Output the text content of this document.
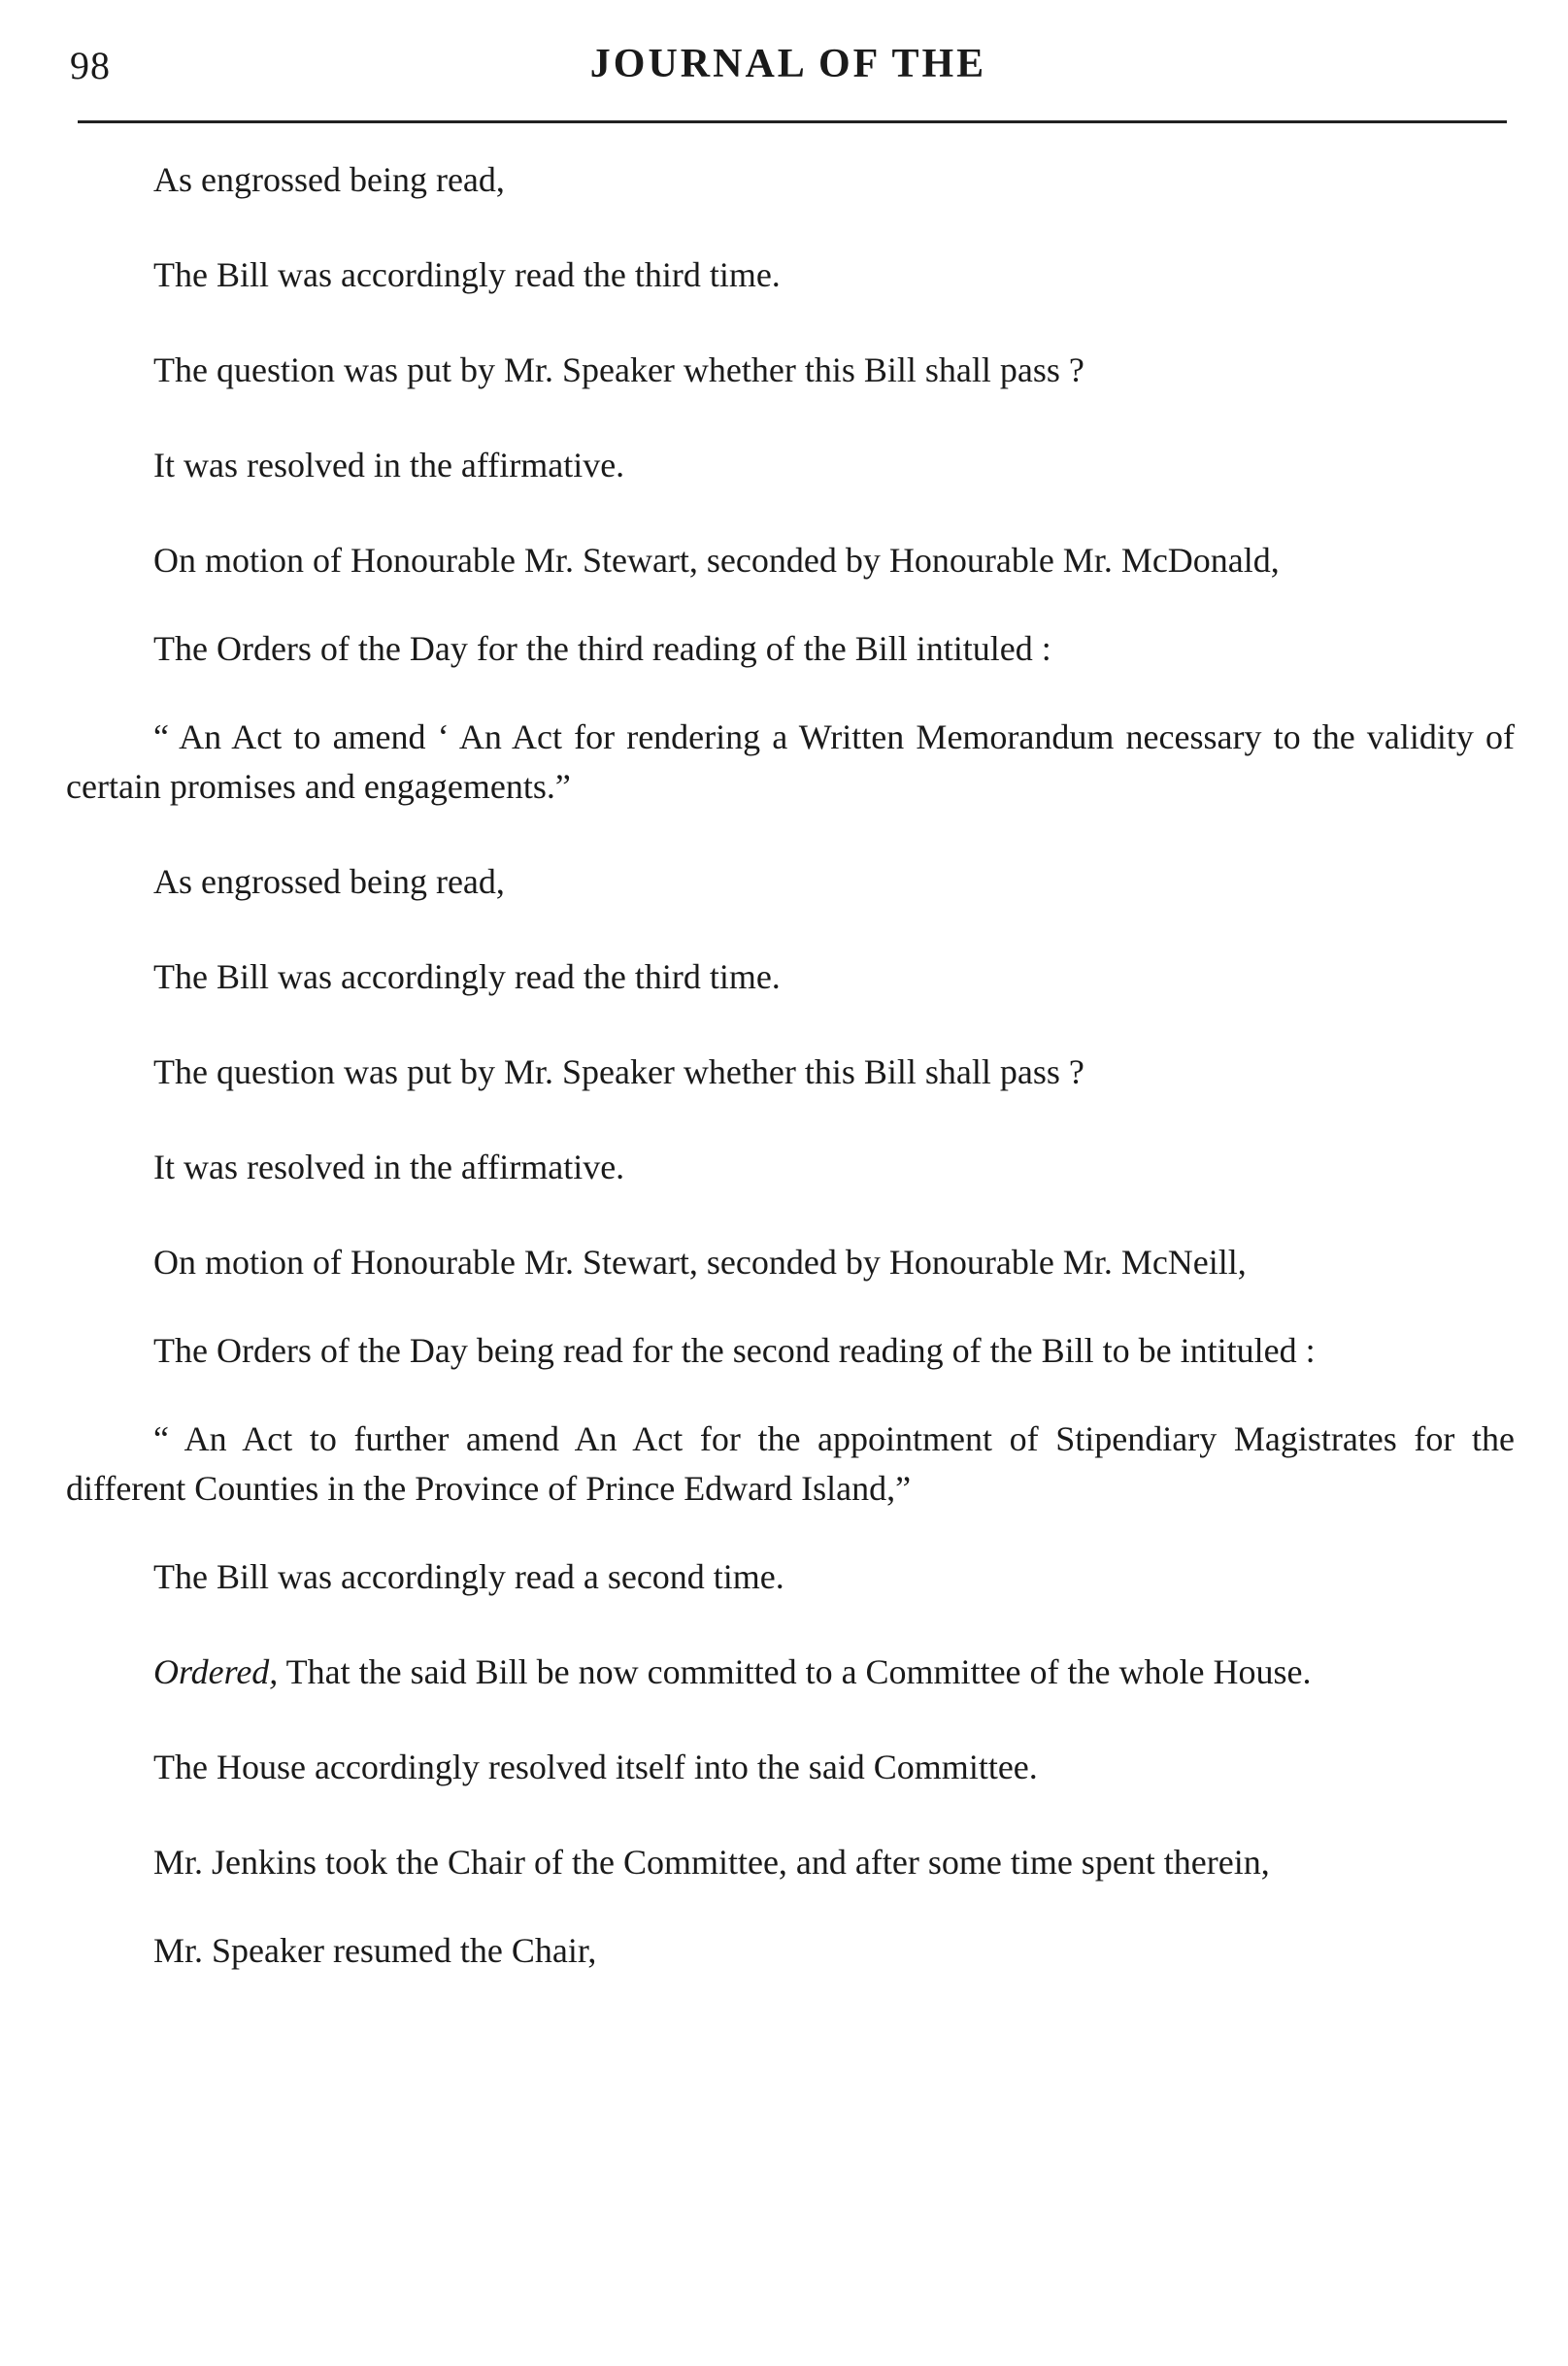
98	JOURNAL OF THE

As engrossed being read,

The Bill was accordingly read the third time.

The question was put by Mr. Speaker whether this Bill shall pass ?

It was resolved in the affirmative.

On motion of Honourable Mr. Stewart, seconded by Honourable Mr. McDonald,

The Orders of the Day for the third reading of the Bill intituled :

“ An Act to amend ‘ An Act for rendering a Written Memorandum necessary to the validity of certain promises and engagements.”

As engrossed being read,

The Bill was accordingly read the third time.

The question was put by Mr. Speaker whether this Bill shall pass ?

It was resolved in the affirmative.

On motion of Honourable Mr. Stewart, seconded by Honourable Mr. McNeill,

The Orders of the Day being read for the second reading of the Bill to be intituled :

“ An Act to further amend An Act for the appointment of Stipendiary Magistrates for the different Counties in the Province of Prince Edward Island,”

The Bill was accordingly read a second time.

Ordered, That the said Bill be now committed to a Committee of the whole House.

The House accordingly resolved itself into the said Committee.

Mr. Jenkins took the Chair of the Committee, and after some time spent therein,

Mr. Speaker resumed the Chair,
